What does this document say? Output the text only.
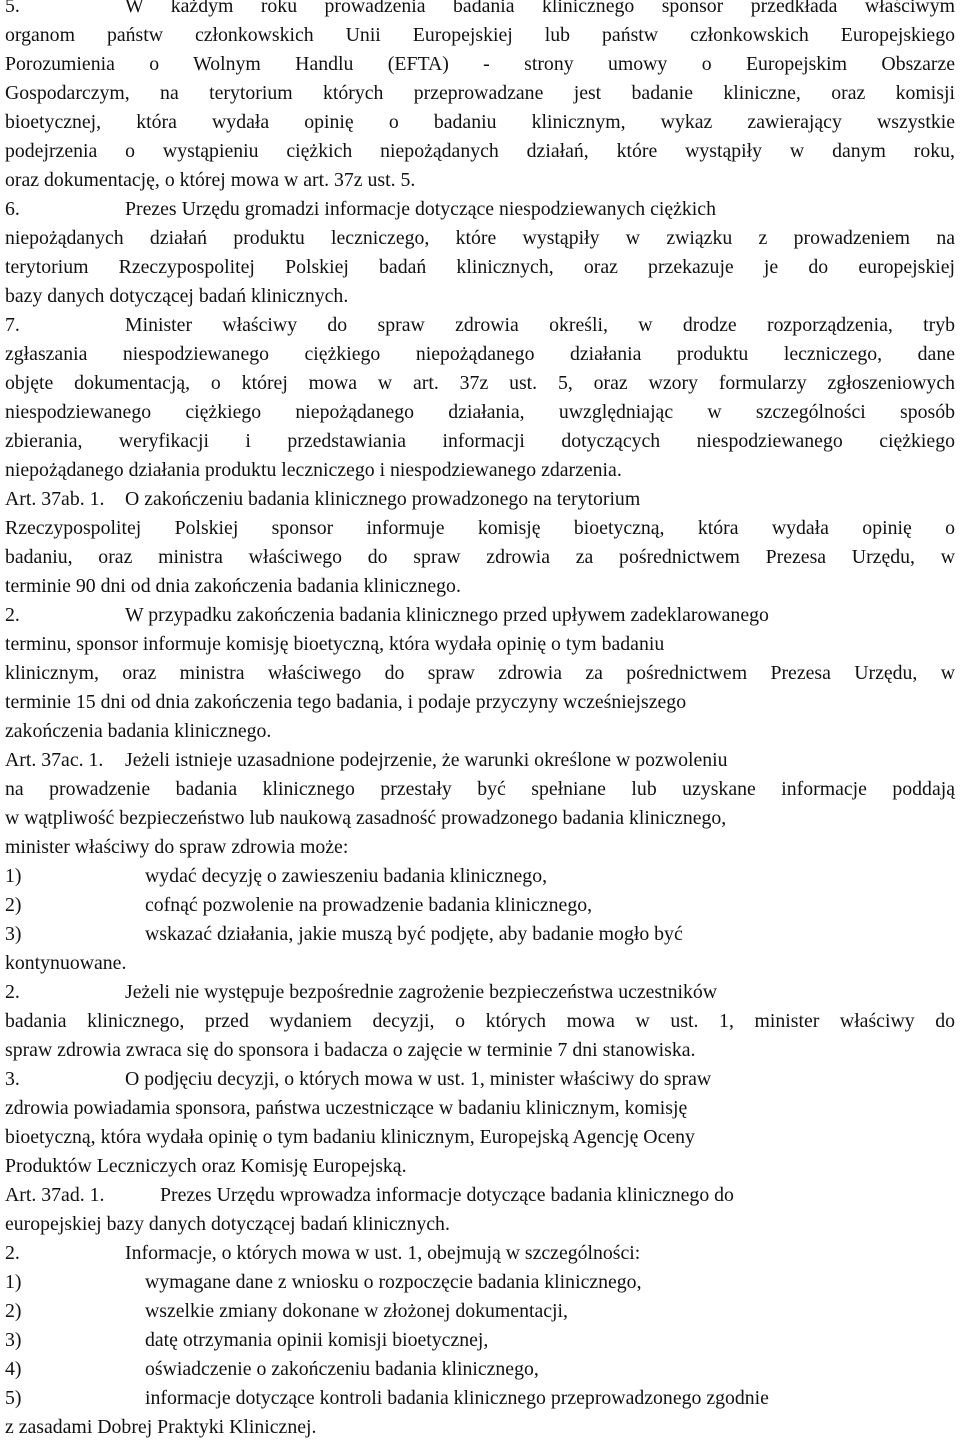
5.	W każdym roku prowadzenia badania klinicznego sponsor przedkłada właściwym
organom państw członkowskich Unii Europejskiej lub państw członkowskich Europejskiego
Porozumienia o Wolnym Handlu (EFTA) - strony umowy o Europejskim Obszarze
Gospodarczym, na terytorium których przeprowadzane jest badanie kliniczne, oraz komisji
bioetycznej, która wydała opinię o badaniu klinicznym, wykaz zawierający wszystkie
podejrzenia o wystąpieniu ciężkich niepożądanych działań, które wystąpiły w danym roku,
oraz dokumentację, o której mowa w art. 37z ust. 5.
6.	Prezes Urzędu gromadzi informacje dotyczące niespodziewanych ciężkich
niepożądanych działań produktu leczniczego, które wystąpiły w związku z prowadzeniem na
terytorium Rzeczypospolitej Polskiej badań klinicznych, oraz przekazuje je do europejskiej
bazy danych dotyczącej badań klinicznych.
7.	Minister właściwy do spraw zdrowia określi, w drodze rozporządzenia, tryb
zgłaszania niespodziewanego ciężkiego niepożądanego działania produktu leczniczego, dane
objęte dokumentacją, o której mowa w art. 37z ust. 5, oraz wzory formularzy zgłoszeniowych
niespodziewanego ciężkiego niepożądanego działania, uwzględniając w szczególności sposób
zbierania, weryfikacji i przedstawiania informacji dotyczących niespodziewanego ciężkiego
niepożądanego działania produktu leczniczego i niespodziewanego zdarzenia.
Art. 37ab. 1. O zakończeniu badania klinicznego prowadzonego na terytorium
Rzeczypospolitej Polskiej sponsor informuje komisję bioetyczną, która wydała opinię o
badaniu, oraz ministra właściwego do spraw zdrowia za pośrednictwem Prezesa Urzędu, w
terminie 90 dni od dnia zakończenia badania klinicznego.
2.	W przypadku zakończenia badania klinicznego przed upływem zadeklarowanego
terminu, sponsor informuje komisję bioetyczną, która wydała opinię o tym badaniu
klinicznym, oraz ministra właściwego do spraw zdrowia za pośrednictwem Prezesa Urzędu, w
terminie 15 dni od dnia zakończenia tego badania, i podaje przyczyny wcześniejszego
zakończenia badania klinicznego.
Art. 37ac. 1. Jeżeli istnieje uzasadnione podejrzenie, że warunki określone w pozwoleniu
na prowadzenie badania klinicznego przestały być spełniane lub uzyskane informacje poddają
w wątpliwość bezpieczeństwo lub naukową zasadność prowadzonego badania klinicznego,
minister właściwy do spraw zdrowia może:
1)	wydać decyzję o zawieszeniu badania klinicznego,
2)	cofnąć pozwolenie na prowadzenie badania klinicznego,
3)	wskazać działania, jakie muszą być podjęte, aby badanie mogło być
kontynuowane.
2.	Jeżeli nie występuje bezpośrednie zagrożenie bezpieczeństwa uczestników
badania klinicznego, przed wydaniem decyzji, o których mowa w ust. 1, minister właściwy do
spraw zdrowia zwraca się do sponsora i badacza o zajęcie w terminie 7 dni stanowiska.
3.	O podjęciu decyzji, o których mowa w ust. 1, minister właściwy do spraw
zdrowia powiadamia sponsora, państwa uczestniczące w badaniu klinicznym, komisję
bioetyczną, która wydała opinię o tym badaniu klinicznym, Europejską Agencję Oceny
Produktów Leczniczych oraz Komisję Europejską.
Art. 37ad. 1.	Prezes Urzędu wprowadza informacje dotyczące badania klinicznego do
europejskiej bazy danych dotyczącej badań klinicznych.
2.	Informacje, o których mowa w ust. 1, obejmują w szczególności:
1)	wymagane dane z wniosku o rozpoczęcie badania klinicznego,
2)	wszelkie zmiany dokonane w złożonej dokumentacji,
3)	datę otrzymania opinii komisji bioetycznej,
4)	oświadczenie o zakończeniu badania klinicznego,
5)	informacje dotyczące kontroli badania klinicznego przeprowadzonego zgodnie
z zasadami Dobrej Praktyki Klinicznej.
